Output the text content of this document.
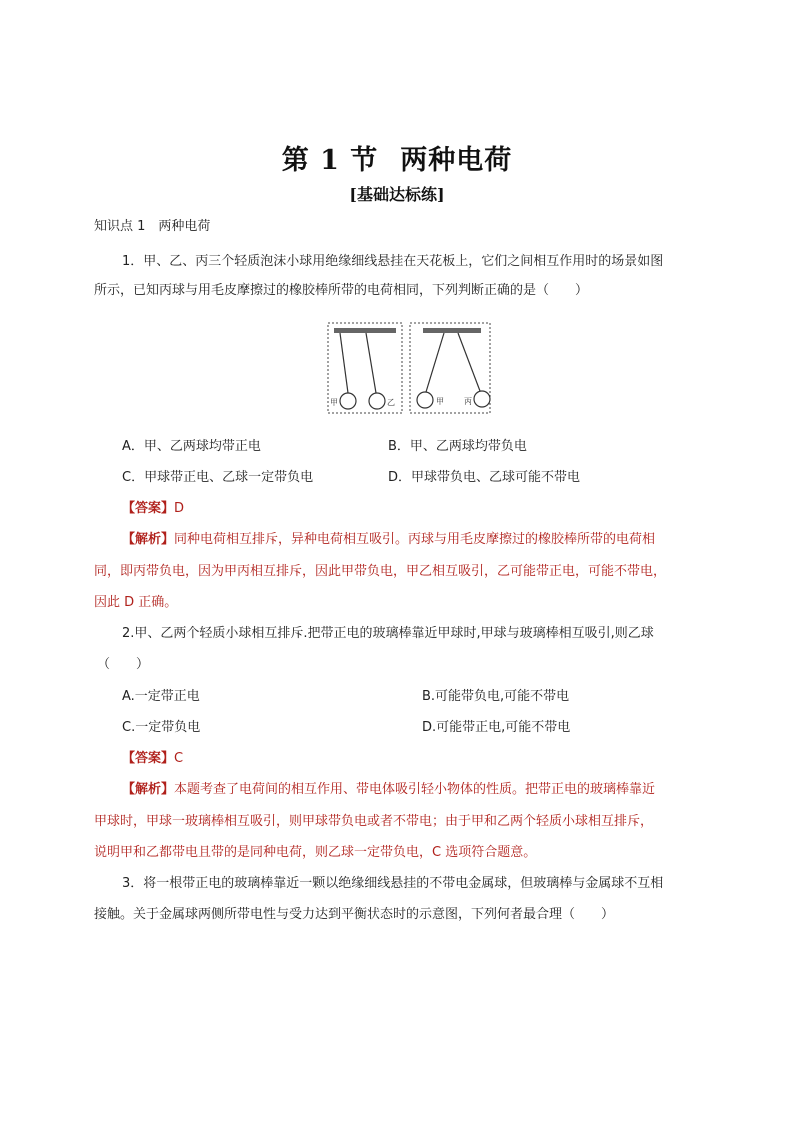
第 1 节 两种电荷
[基础达标练]
知识点 1　两种电荷
1．甲、乙、丙三个轻质泡沫小球用绝缘细线悬挂在天花板上，它们之间相互作用时的场景如图
所示，已知丙球与用毛皮摩擦过的橡胶棒所带的电荷相同，下列判断正确的是（　　）
甲	乙	甲	丙
A．甲、乙两球均带正电	B．甲、乙两球均带负电
C．甲球带正电、乙球一定带负电	D．甲球带负电、乙球可能不带电
【答案】D
【解析】同种电荷相互排斥，异种电荷相互吸引。丙球与用毛皮摩擦过的橡胶棒所带的电荷相
同，即丙带负电，因为甲丙相互排斥，因此甲带负电，甲乙相互吸引，乙可能带正电，可能不带电，
因此 D 正确。
2.甲、乙两个轻质小球相互排斥.把带正电的玻璃棒靠近甲球时,甲球与玻璃棒相互吸引,则乙球
（　　）
A.一定带正电	B.可能带负电,可能不带电
C.一定带负电	D.可能带正电,可能不带电
【答案】C
【解析】本题考查了电荷间的相互作用、带电体吸引轻小物体的性质。把带正电的玻璃棒靠近
甲球时，甲球一玻璃棒相互吸引，则甲球带负电或者不带电；由于甲和乙两个轻质小球相互排斥，
说明甲和乙都带电且带的是同种电荷，则乙球一定带负电，C 选项符合题意。
3．将一根带正电的玻璃棒靠近一颗以绝缘细线悬挂的不带电金属球，但玻璃棒与金属球不互相
接触。关于金属球两侧所带电性与受力达到平衡状态时的示意图，下列何者最合理（　　）
